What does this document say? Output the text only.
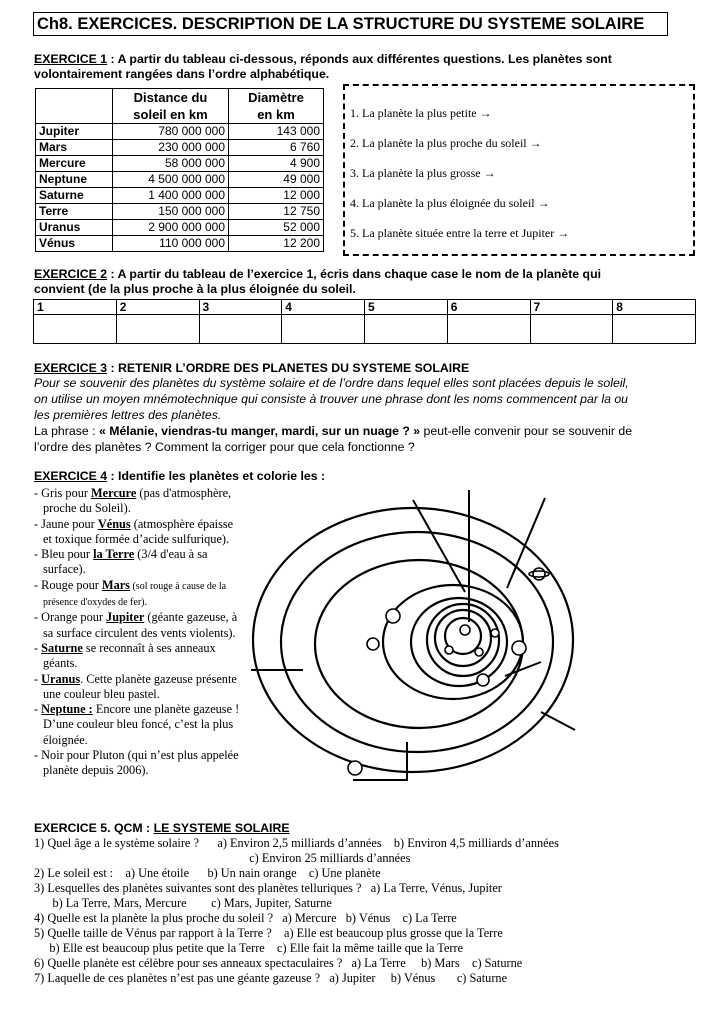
Ch8. EXERCICES. DESCRIPTION DE LA STRUCTURE DU SYSTEME SOLAIRE
EXERCICE 1 : A partir du tableau ci-dessous, réponds aux différentes questions. Les planètes sont
volontairement rangées dans l’ordre alphabétique.
	Distance du
soleil en km	Diamètre
en km
Jupiter	780 000 000	143 000
Mars	230 000 000	6 760
Mercure	58 000 000	4 900
Neptune	4 500 000 000	49 000
Saturne	1 400 000 000	12 000
Terre	150 000 000	12 750
Uranus	2 900 000 000	52 000
Vénus	110 000 000	12 200
1. La planète la plus petite →
2. La planète la plus proche du soleil →
3. La planète la plus grosse →
4. La planète la plus éloignée du soleil →
5. La planète située entre la terre et Jupiter →
EXERCICE 2 : A partir du tableau de l’exercice 1, écris dans chaque case le nom de la planète qui
convient (de la plus proche à la plus éloignée du soleil.
1	2	3	4	5	6	7	8

EXERCICE 3 : RETENIR L’ORDRE DES PLANETES DU SYSTEME SOLAIRE
Pour se souvenir des planètes du système solaire et de l’ordre dans lequel elles sont placées depuis le soleil,
on utilise un moyen mnémotechnique qui consiste à trouver une phrase dont les noms commencent par la ou
les premières lettres des planètes.
La phrase : « Mélanie, viendras-tu manger, mardi, sur un nuage ? » peut-elle convenir pour se souvenir de
l’ordre des planètes ? Comment la corriger pour que cela fonctionne ?
EXERCICE 4 : Identifie les planètes et colorie les :
- Gris pour Mercure (pas d'atmosphère, proche du Soleil).
- Jaune pour Vénus (atmosphère épaisse et toxique formée d’acide sulfurique).
- Bleu pour la Terre (3/4 d'eau à sa surface).
- Rouge pour Mars (sol rouge à cause de la présence d'oxydes de fer).
- Orange pour Jupiter (géante gazeuse, à sa surface circulent des vents violents).
- Saturne se reconnaît à ses anneaux géants.
- Uranus. Cette planète gazeuse présente une couleur bleu pastel.
- Neptune : Encore une planète gazeuse ! D’une couleur bleu foncé, c’est la plus éloignée.
- Noir pour Pluton (qui n’est plus appelée planète depuis 2006).
EXERCICE 5. QCM : LE SYSTEME SOLAIRE
1) Quel âge a le système solaire ?      a) Environ 2,5 milliards d’années    b) Environ 4,5 milliards d’années
c) Environ 25 milliards d’années
2) Le soleil est :    a) Une étoile      b) Un nain orange    c) Une planète
3) Lesquelles des planètes suivantes sont des planètes telluriques ?   a) La Terre, Vénus, Jupiter
b) La Terre, Mars, Mercure        c) Mars, Jupiter, Saturne
4) Quelle est la planète la plus proche du soleil ?   a) Mercure   b) Vénus    c) La Terre
5) Quelle taille de Vénus par rapport à la Terre ?    a) Elle est beaucoup plus grosse que la Terre
b) Elle est beaucoup plus petite que la Terre    c) Elle fait la même taille que la Terre
6) Quelle planète est célèbre pour ses anneaux spectaculaires ?   a) La Terre     b) Mars    c) Saturne
7) Laquelle de ces planètes n’est pas une géante gazeuse ?   a) Jupiter     b) Vénus       c) Saturne
